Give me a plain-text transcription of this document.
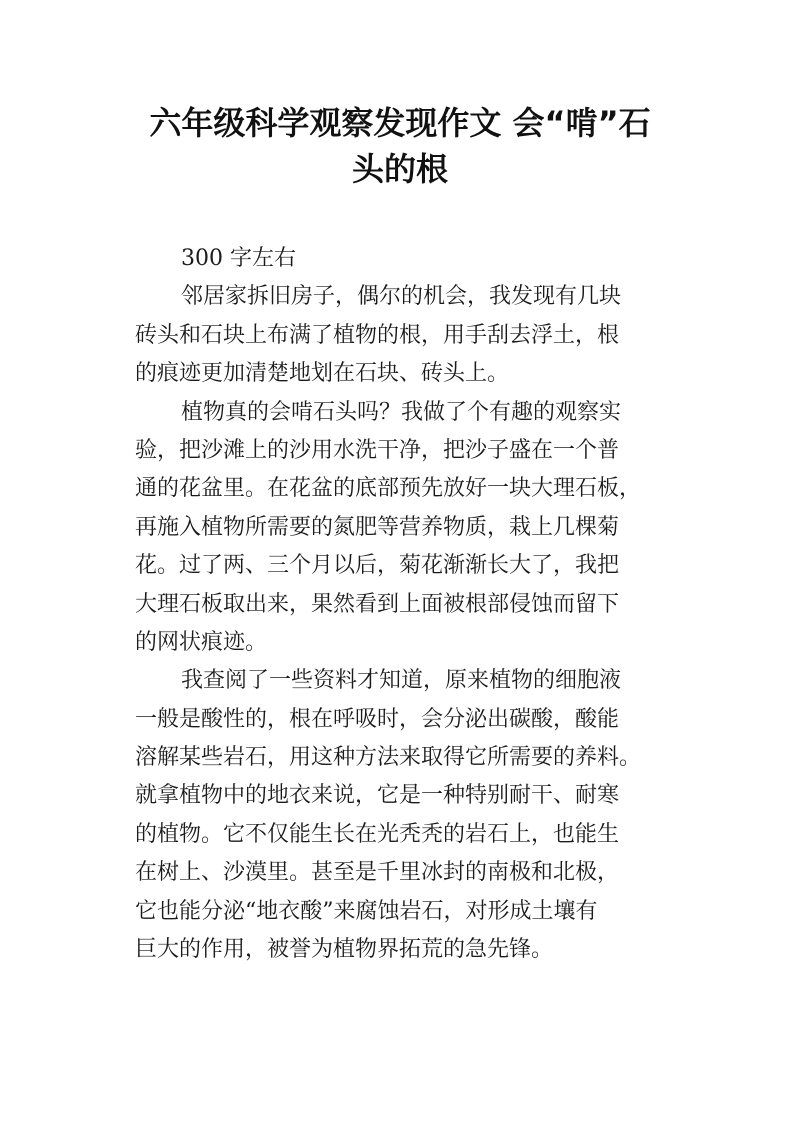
六年级科学观察发现作文 会“啃”石
头的根
300 字左右
邻居家拆旧房子，偶尔的机会，我发现有几块
砖头和石块上布满了植物的根，用手刮去浮土，根
的痕迹更加清楚地划在石块、砖头上。
植物真的会啃石头吗？我做了个有趣的观察实
验，把沙滩上的沙用水洗干净，把沙子盛在一个普
通的花盆里。在花盆的底部预先放好一块大理石板，
再施入植物所需要的氮肥等营养物质，栽上几棵菊
花。过了两、三个月以后，菊花渐渐长大了，我把
大理石板取出来，果然看到上面被根部侵蚀而留下
的网状痕迹。
我查阅了一些资料才知道，原来植物的细胞液
一般是酸性的，根在呼吸时，会分泌出碳酸，酸能
溶解某些岩石，用这种方法来取得它所需要的养料。
就拿植物中的地衣来说，它是一种特别耐干、耐寒
的植物。它不仅能生长在光秃秃的岩石上，也能生
在树上、沙漠里。甚至是千里冰封的南极和北极，
它也能分泌“地衣酸”来腐蚀岩石，对形成土壤有
巨大的作用，被誉为植物界拓荒的急先锋。
